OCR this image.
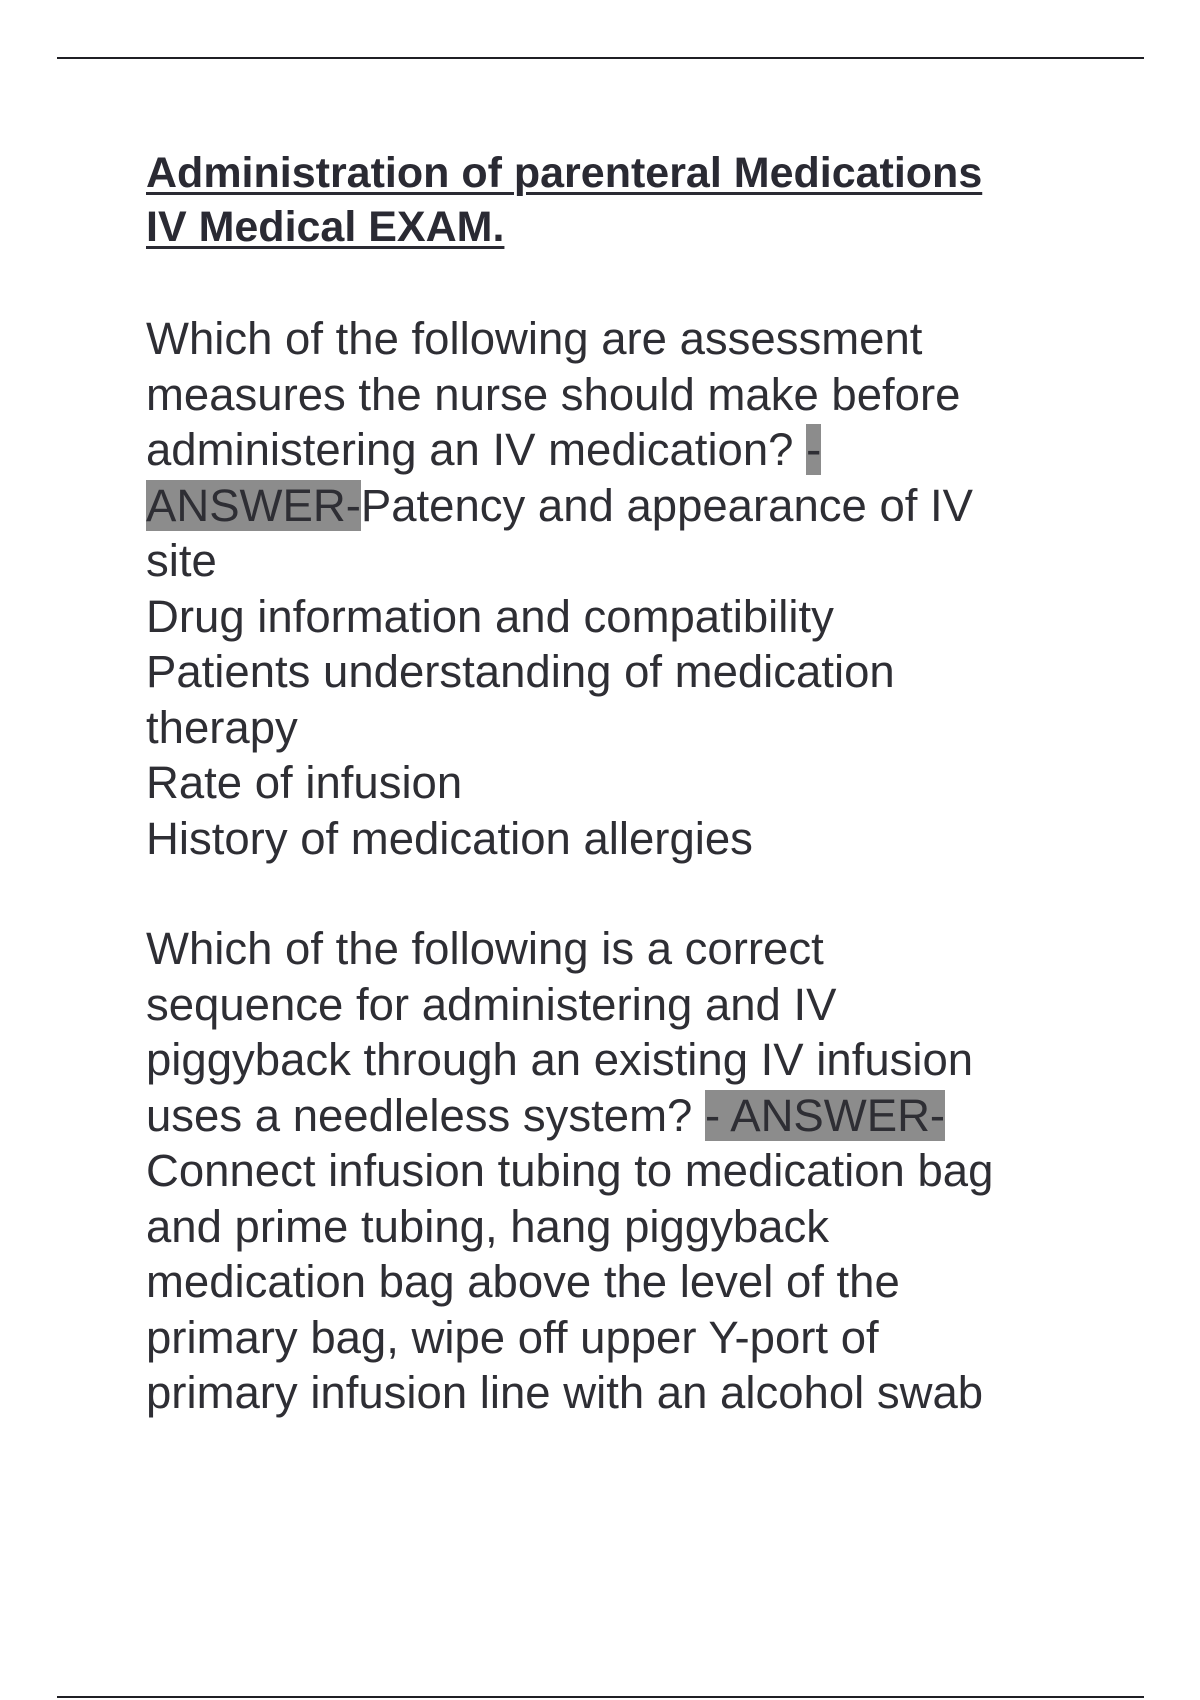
Administration of parenteral Medications
IV Medical EXAM.

Which of the following are assessment
measures the nurse should make before
administering an IV medication? -
ANSWER-Patency and appearance of IV
site
Drug information and compatibility
Patients understanding of medication
therapy
Rate of infusion
History of medication allergies

Which of the following is a correct
sequence for administering and IV
piggyback through an existing IV infusion
uses a needleless system? - ANSWER-
Connect infusion tubing to medication bag
and prime tubing, hang piggyback
medication bag above the level of the
primary bag, wipe off upper Y-port of
primary infusion line with an alcohol swab
